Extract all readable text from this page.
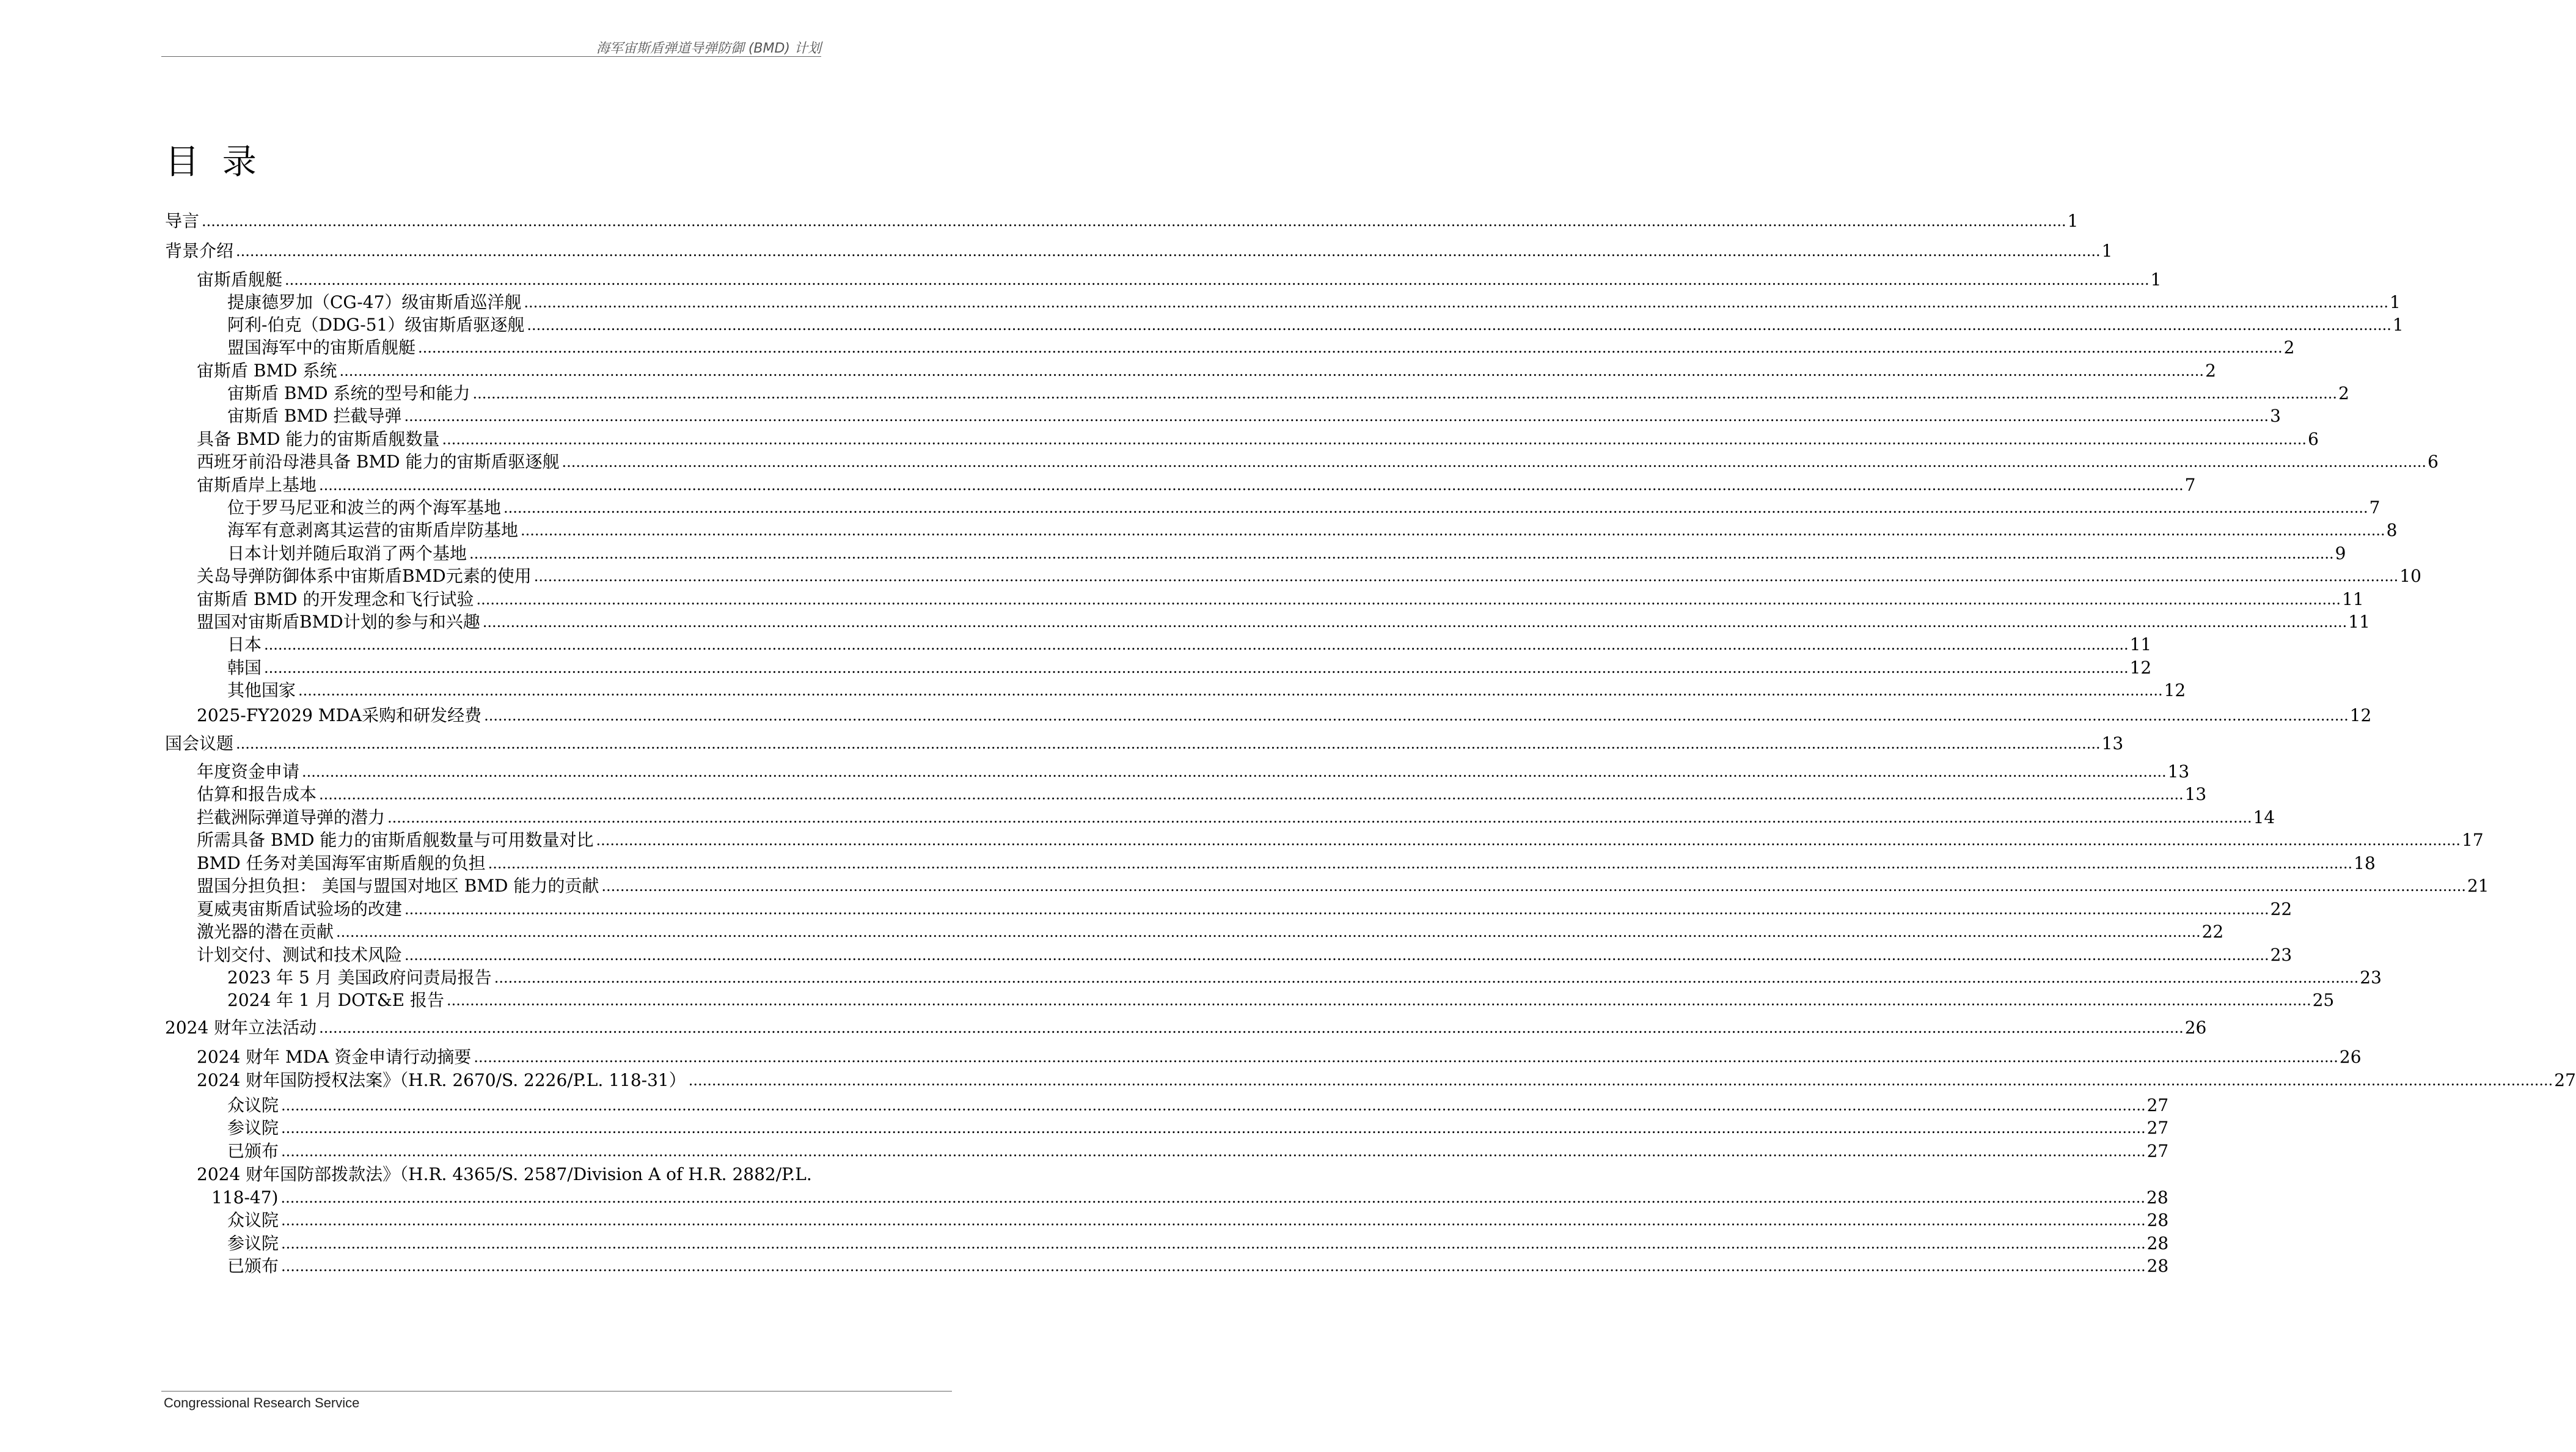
海军宙斯盾弹道导弹防御 (BMD) 计划
目 录
导言 ................................................................................................................................................................................................................................................................................................................................................................................................................ 1
背景介绍 ................................................................................................................................................................................................................................................................................................................................................................................................................ 1
宙斯盾舰艇 ................................................................................................................................................................................................................................................................................................................................................................................................................ 1
提康德罗加（CG-47）级宙斯盾巡洋舰 ................................................................................................................................................................................................................................................................................................................................................................................................................ 1
阿利-伯克（DDG-51）级宙斯盾驱逐舰 ................................................................................................................................................................................................................................................................................................................................................................................................................ 1
盟国海军中的宙斯盾舰艇 ................................................................................................................................................................................................................................................................................................................................................................................................................ 2
宙斯盾 BMD 系统 ................................................................................................................................................................................................................................................................................................................................................................................................................ 2
宙斯盾 BMD 系统的型号和能力 ................................................................................................................................................................................................................................................................................................................................................................................................................ 2
宙斯盾 BMD 拦截导弹 ................................................................................................................................................................................................................................................................................................................................................................................................................ 3
具备 BMD 能力的宙斯盾舰数量 ................................................................................................................................................................................................................................................................................................................................................................................................................ 6
西班牙前沿母港具备 BMD 能力的宙斯盾驱逐舰 ................................................................................................................................................................................................................................................................................................................................................................................................................ 6
宙斯盾岸上基地 ................................................................................................................................................................................................................................................................................................................................................................................................................ 7
位于罗马尼亚和波兰的两个海军基地 ................................................................................................................................................................................................................................................................................................................................................................................................................ 7
海军有意剥离其运营的宙斯盾岸防基地 ................................................................................................................................................................................................................................................................................................................................................................................................................ 8
日本计划并随后取消了两个基地 ................................................................................................................................................................................................................................................................................................................................................................................................................ 9
关岛导弹防御体系中宙斯盾BMD元素的使用 ................................................................................................................................................................................................................................................................................................................................................................................................................ 10
宙斯盾 BMD 的开发理念和飞行试验 ................................................................................................................................................................................................................................................................................................................................................................................................................ 11
盟国对宙斯盾BMD计划的参与和兴趣 ................................................................................................................................................................................................................................................................................................................................................................................................................ 11
日本 ................................................................................................................................................................................................................................................................................................................................................................................................................ 11
韩国 ................................................................................................................................................................................................................................................................................................................................................................................................................ 12
其他国家 ................................................................................................................................................................................................................................................................................................................................................................................................................ 12
2025-FY2029 MDA采购和研发经费 ................................................................................................................................................................................................................................................................................................................................................................................................................ 12
国会议题 ................................................................................................................................................................................................................................................................................................................................................................................................................ 13
年度资金申请 ................................................................................................................................................................................................................................................................................................................................................................................................................ 13
估算和报告成本 ................................................................................................................................................................................................................................................................................................................................................................................................................ 13
拦截洲际弹道导弹的潜力 ................................................................................................................................................................................................................................................................................................................................................................................................................ 14
所需具备 BMD 能力的宙斯盾舰数量与可用数量对比 ................................................................................................................................................................................................................................................................................................................................................................................................................ 17
BMD 任务对美国海军宙斯盾舰的负担 ................................................................................................................................................................................................................................................................................................................................................................................................................ 18
盟国分担负担： 美国与盟国对地区 BMD 能力的贡献 ................................................................................................................................................................................................................................................................................................................................................................................................................ 21
夏威夷宙斯盾试验场的改建 ................................................................................................................................................................................................................................................................................................................................................................................................................ 22
激光器的潜在贡献 ................................................................................................................................................................................................................................................................................................................................................................................................................ 22
计划交付、测试和技术风险 ................................................................................................................................................................................................................................................................................................................................................................................................................ 23
2023 年 5 月 美国政府问责局报告 ................................................................................................................................................................................................................................................................................................................................................................................................................ 23
2024 年 1 月 DOT&E 报告 ................................................................................................................................................................................................................................................................................................................................................................................................................ 25
2024 财年立法活动 ................................................................................................................................................................................................................................................................................................................................................................................................................ 26
2024 财年 MDA 资金申请行动摘要 ................................................................................................................................................................................................................................................................................................................................................................................................................ 26
2024 财年国防授权法案》（H.R. 2670/S. 2226/P.L. 118-31） ................................................................................................................................................................................................................................................................................................................................................................................................................ 27
众议院 ................................................................................................................................................................................................................................................................................................................................................................................................................ 27
参议院 ................................................................................................................................................................................................................................................................................................................................................................................................................ 27
已颁布 ................................................................................................................................................................................................................................................................................................................................................................................................................ 27
2024 财年国防部拨款法》（H.R. 4365/S. 2587/Division A of H.R. 2882/P.L.
118-47) ................................................................................................................................................................................................................................................................................................................................................................................................................ 28
众议院 ................................................................................................................................................................................................................................................................................................................................................................................................................ 28
参议院 ................................................................................................................................................................................................................................................................................................................................................................................................................ 28
已颁布 ................................................................................................................................................................................................................................................................................................................................................................................................................ 28
Congressional Research Service
